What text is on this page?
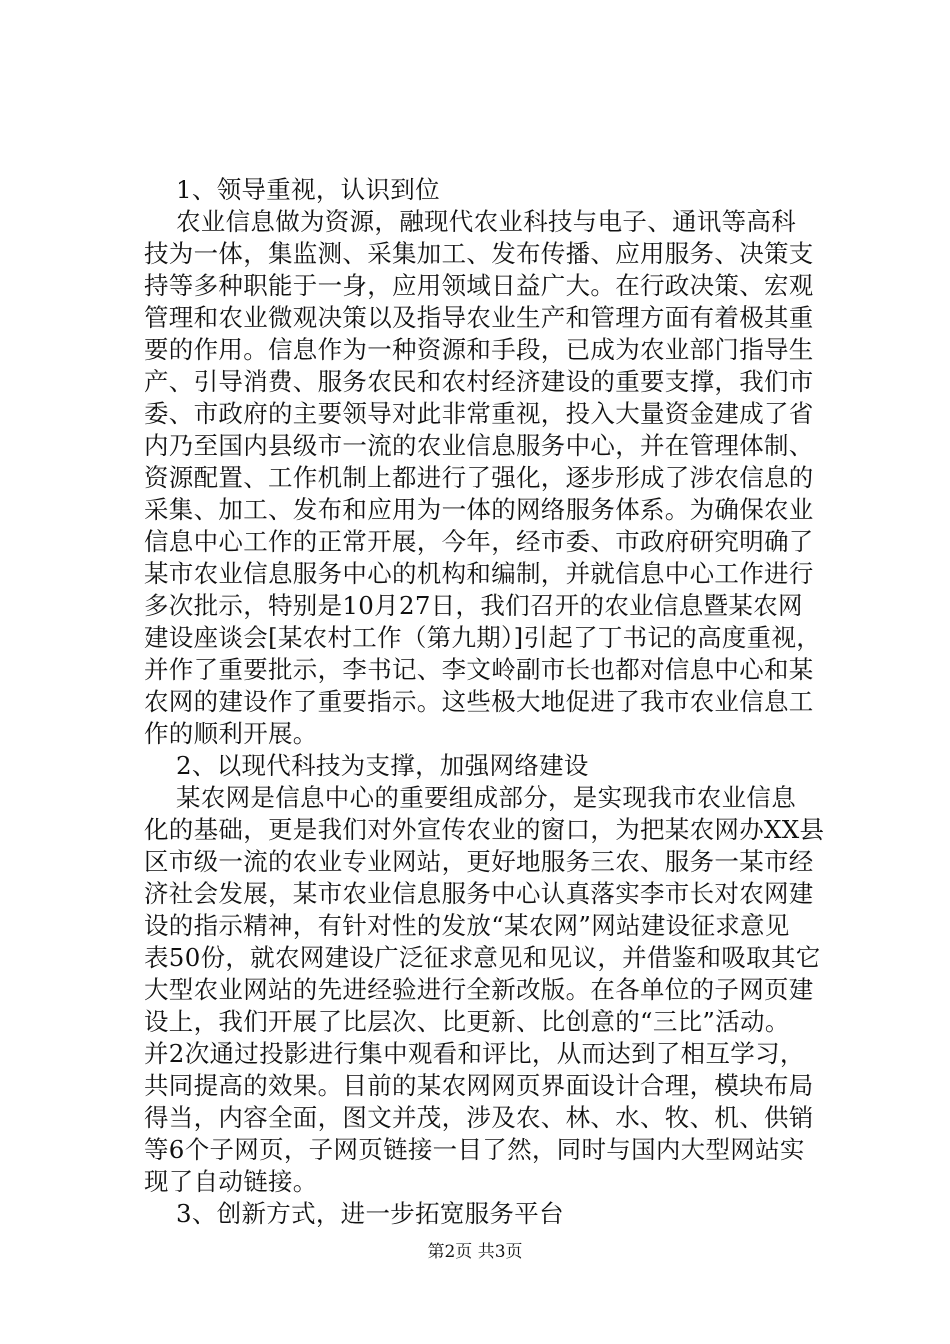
1、领导重视，认识到位
农业信息做为资源，融现代农业科技与电子、通讯等高科
技为一体，集监测、采集加工、发布传播、应用服务、决策支
持等多种职能于一身，应用领域日益广大。在行政决策、宏观
管理和农业微观决策以及指导农业生产和管理方面有着极其重
要的作用。信息作为一种资源和手段，已成为农业部门指导生
产、引导消费、服务农民和农村经济建设的重要支撑，我们市
委、市政府的主要领导对此非常重视，投入大量资金建成了省
内乃至国内县级市一流的农业信息服务中心，并在管理体制、
资源配置、工作机制上都进行了强化，逐步形成了涉农信息的
采集、加工、发布和应用为一体的网络服务体系。为确保农业
信息中心工作的正常开展，今年，经市委、市政府研究明确了
某市农业信息服务中心的机构和编制，并就信息中心工作进行
多次批示，特别是10月27日，我们召开的农业信息暨某农网
建设座谈会[某农村工作（第九期）]引起了丁书记的高度重视，
并作了重要批示，李书记、李文岭副市长也都对信息中心和某
农网的建设作了重要指示。这些极大地促进了我市农业信息工
作的顺利开展。
2、以现代科技为支撑，加强网络建设
某农网是信息中心的重要组成部分，是实现我市农业信息
化的基础，更是我们对外宣传农业的窗口，为把某农网办XX县
区市级一流的农业专业网站，更好地服务三农、服务一某市经
济社会发展，某市农业信息服务中心认真落实李市长对农网建
设的指示精神，有针对性的发放“某农网”网站建设征求意见
表50份，就农网建设广泛征求意见和见议，并借鉴和吸取其它
大型农业网站的先进经验进行全新改版。在各单位的子网页建
设上，我们开展了比层次、比更新、比创意的“三比”活动。
并2次通过投影进行集中观看和评比，从而达到了相互学习，
共同提高的效果。目前的某农网网页界面设计合理，模块布局
得当，内容全面，图文并茂，涉及农、林、水、牧、机、供销
等6个子网页，子网页链接一目了然，同时与国内大型网站实
现了自动链接。
3、创新方式，进一步拓宽服务平台
第2页 共3页
